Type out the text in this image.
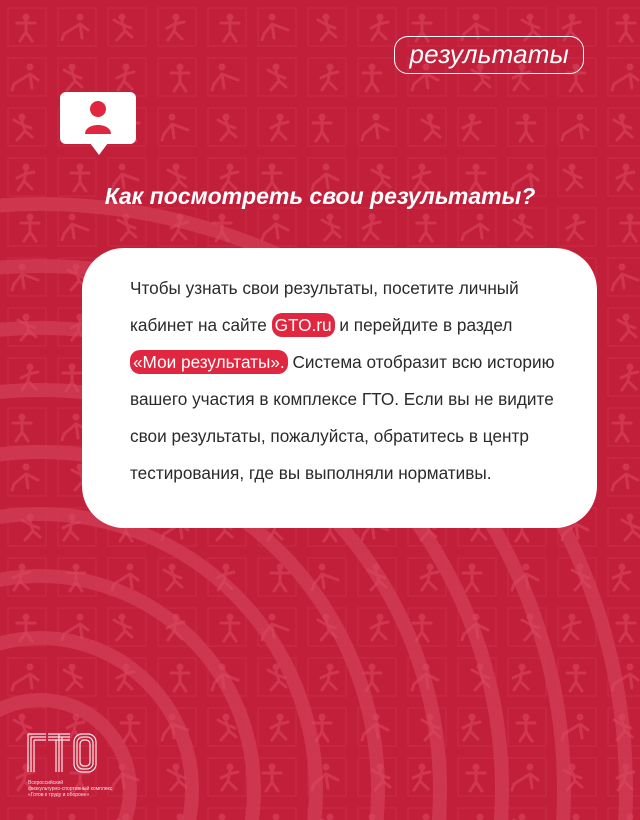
результаты
Как посмотреть свои результаты?

Чтобы узнать свои результаты, посетите личный
кабинет на сайте GTO.ru и перейдите в раздел
«Мои результаты». Система отобразит всю историю
вашего участия в комплексе ГТО. Если вы не видите
свои результаты, пожалуйста, обратитесь в центр
тестирования, где вы выполняли нормативы.

ГТО
Всероссийский
физкультурно-спортивный комплекс
«Готов к труду и обороне»
